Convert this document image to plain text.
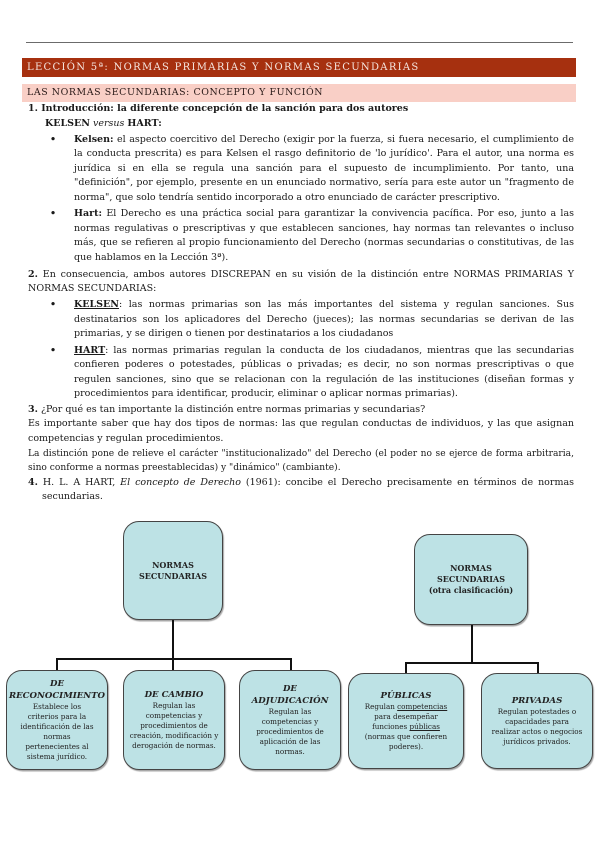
LECCIÓN 5ª: NORMAS PRIMARIAS Y NORMAS SECUNDARIAS
LAS NORMAS SECUNDARIAS: CONCEPTO Y FUNCIÓN

1. Introducción: la diferente concepción de la sanción para dos autores

KELSEN versus HART:

• Kelsen: el aspecto coercitivo del Derecho (exigir por la fuerza, si fuera necesario, el cumplimiento de la conducta prescrita) es para Kelsen el rasgo definitorio de 'lo jurídico'. Para el autor, una norma es jurídica si en ella se regula una sanción para el supuesto de incumplimiento. Por tanto, una "definición", por ejemplo, presente en un enunciado normativo, sería para este autor un "fragmento de norma", que solo tendría sentido incorporado a otro enunciado de carácter prescriptivo.
• Hart: El Derecho es una práctica social para garantizar la convivencia pacífica. Por eso, junto a las normas regulativas o prescriptivas y que establecen sanciones, hay normas tan relevantes o incluso más, que se refieren al propio funcionamiento del Derecho (normas secundarias o constitutivas, de las que hablamos en la Lección 3ª).

2. En consecuencia, ambos autores DISCREPAN en su visión de la distinción entre NORMAS PRIMARIAS Y NORMAS SECUNDARIAS:

• KELSEN: las normas primarias son las más importantes del sistema y regulan sanciones. Sus destinatarios son los aplicadores del Derecho (jueces); las normas secundarias se derivan de las primarias, y se dirigen o tienen por destinatarios a los ciudadanos
• HART: las normas primarias regulan la conducta de los ciudadanos, mientras que las secundarias confieren poderes o potestades, públicas o privadas; es decir, no son normas prescriptivas o que regulen sanciones, sino que se relacionan con la regulación de las instituciones (diseñan formas y procedimientos para identificar, producir, eliminar o aplicar normas primarias).

3. ¿Por qué es tan importante la distinción entre normas primarias y secundarias?

Es importante saber que hay dos tipos de normas: las que regulan conductas de individuos, y las que asignan competencias y regulan procedimientos.

La distinción pone de relieve el carácter "institucionalizado" del Derecho (el poder no se ejerce de forma arbitraria, sino conforme a normas preestablecidas) y "dinámico" (cambiante).

4. H. L. A HART, El concepto de Derecho (1961): concibe el Derecho precisamente en términos de normas secundarias.

NORMAS
SECUNDARIAS
DE RECONOCIMIENTO
Establece los criterios para la identificación de las normas pertenecientes al sistema jurídico.
DE CAMBIO
Regulan las competencias y procedimientos de creación, modificación y derogación de normas.
DE ADJUDICACIÓN
Regulan las competencias y procedimientos de aplicación de las normas.
NORMAS SECUNDARIAS
(otra clasificación)
PÚBLICAS
Regulan competencias para desempeñar funciones públicas (normas que confieren poderes).
PRIVADAS
Regulan potestades o capacidades para realizar actos o negocios jurídicos privados.
